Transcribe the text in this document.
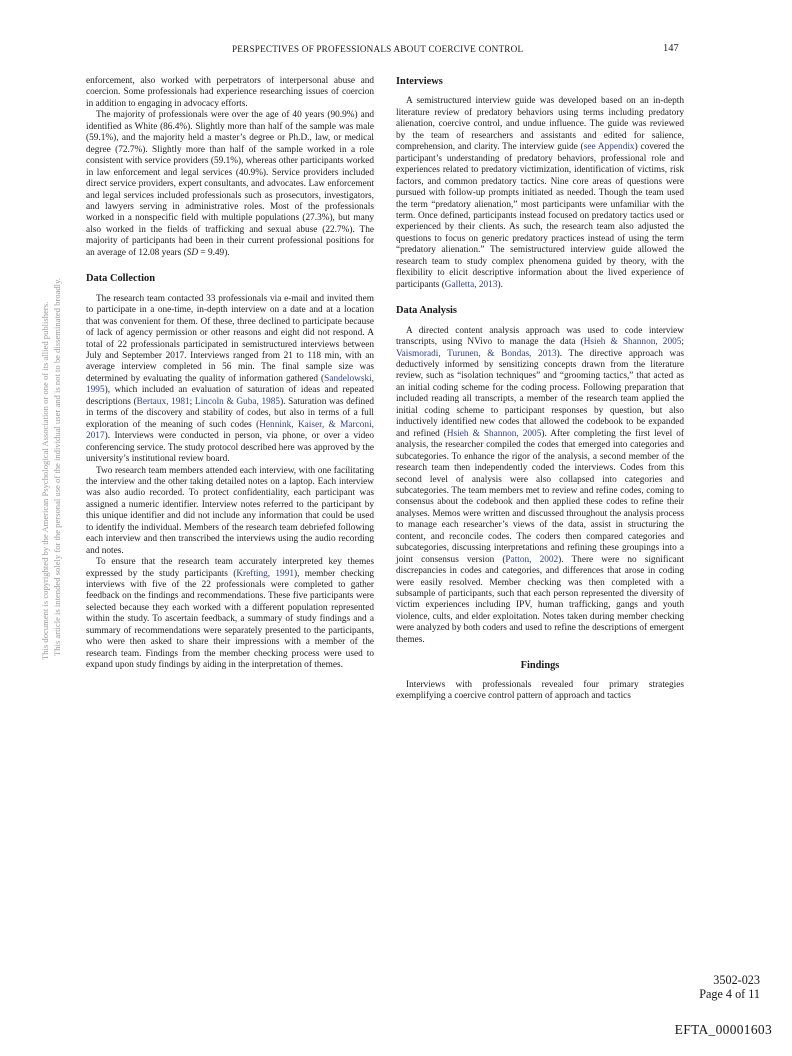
PERSPECTIVES OF PROFESSIONALS ABOUT COERCIVE CONTROL	147
This document is copyrighted by the American Psychological Association or one of its allied publishers. This article is intended solely for the personal use of the individual user and is not to be disseminated broadly.

enforcement, also worked with perpetrators of interpersonal abuse and coercion. Some professionals had experience researching issues of coercion in addition to engaging in advocacy efforts.

The majority of professionals were over the age of 40 years (90.9%) and identified as White (86.4%). Slightly more than half of the sample was male (59.1%), and the majority held a master’s degree or Ph.D., law, or medical degree (72.7%). Slightly more than half of the sample worked in a role consistent with service providers (59.1%), whereas other participants worked in law enforcement and legal services (40.9%). Service providers included direct service providers, expert consultants, and advocates. Law enforcement and legal services included professionals such as prosecutors, investigators, and lawyers serving in administrative roles. Most of the professionals worked in a nonspecific field with multiple populations (27.3%), but many also worked in the fields of trafficking and sexual abuse (22.7%). The majority of participants had been in their current professional positions for an average of 12.08 years (SD = 9.49).

Data Collection

The research team contacted 33 professionals via e-mail and invited them to participate in a one-time, in-depth interview on a date and at a location that was convenient for them. Of these, three declined to participate because of lack of agency permission or other reasons and eight did not respond. A total of 22 professionals participated in semistructured interviews between July and September 2017. Interviews ranged from 21 to 118 min, with an average interview completed in 56 min. The final sample size was determined by evaluating the quality of information gathered (Sandelowski, 1995), which included an evaluation of saturation of ideas and repeated descriptions (Bertaux, 1981; Lincoln & Guba, 1985). Saturation was defined in terms of the discovery and stability of codes, but also in terms of a full exploration of the meaning of such codes (Hennink, Kaiser, & Marconi, 2017). Interviews were conducted in person, via phone, or over a video conferencing service. The study protocol described here was approved by the university’s institutional review board.

Two research team members attended each interview, with one facilitating the interview and the other taking detailed notes on a laptop. Each interview was also audio recorded. To protect confidentiality, each participant was assigned a numeric identifier. Interview notes referred to the participant by this unique identifier and did not include any information that could be used to identify the individual. Members of the research team debriefed following each interview and then transcribed the interviews using the audio recording and notes.

To ensure that the research team accurately interpreted key themes expressed by the study participants (Krefting, 1991), member checking interviews with five of the 22 professionals were completed to gather feedback on the findings and recommendations. These five participants were selected because they each worked with a different population represented within the study. To ascertain feedback, a summary of study findings and a summary of recommendations were separately presented to the participants, who were then asked to share their impressions with a member of the research team. Findings from the member checking process were used to expand upon study findings by aiding in the interpretation of themes.

Interviews

A semistructured interview guide was developed based on an in-depth literature review of predatory behaviors using terms including predatory alienation, coercive control, and undue influence. The guide was reviewed by the team of researchers and assistants and edited for salience, comprehension, and clarity. The interview guide (see Appendix) covered the participant’s understanding of predatory behaviors, professional role and experiences related to predatory victimization, identification of victims, risk factors, and common predatory tactics. Nine core areas of questions were pursued with follow-up prompts initiated as needed. Though the team used the term “predatory alienation,” most participants were unfamiliar with the term. Once defined, participants instead focused on predatory tactics used or experienced by their clients. As such, the research team also adjusted the questions to focus on generic predatory practices instead of using the term “predatory alienation.” The semistructured interview guide allowed the research team to study complex phenomena guided by theory, with the flexibility to elicit descriptive information about the lived experience of participants (Galletta, 2013).

Data Analysis

A directed content analysis approach was used to code interview transcripts, using NVivo to manage the data (Hsieh & Shannon, 2005; Vaismoradi, Turunen, & Bondas, 2013). The directive approach was deductively informed by sensitizing concepts drawn from the literature review, such as “isolation techniques” and “grooming tactics,” that acted as an initial coding scheme for the coding process. Following preparation that included reading all transcripts, a member of the research team applied the initial coding scheme to participant responses by question, but also inductively identified new codes that allowed the codebook to be expanded and refined (Hsieh & Shannon, 2005). After completing the first level of analysis, the researcher compiled the codes that emerged into categories and subcategories. To enhance the rigor of the analysis, a second member of the research team then independently coded the interviews. Codes from this second level of analysis were also collapsed into categories and subcategories. The team members met to review and refine codes, coming to consensus about the codebook and then applied these codes to refine their analyses. Memos were written and discussed throughout the analysis process to manage each researcher’s views of the data, assist in structuring the content, and reconcile codes. The coders then compared categories and subcategories, discussing interpretations and refining these groupings into a joint consensus version (Patton, 2002). There were no significant discrepancies in codes and categories, and differences that arose in coding were easily resolved. Member checking was then completed with a subsample of participants, such that each person represented the diversity of victim experiences including IPV, human trafficking, gangs and youth violence, cults, and elder exploitation. Notes taken during member checking were analyzed by both coders and used to refine the descriptions of emergent themes.

Findings

Interviews with professionals revealed four primary strategies exemplifying a coercive control pattern of approach and tactics

3502-023
Page 4 of 11
EFTA_00001603
